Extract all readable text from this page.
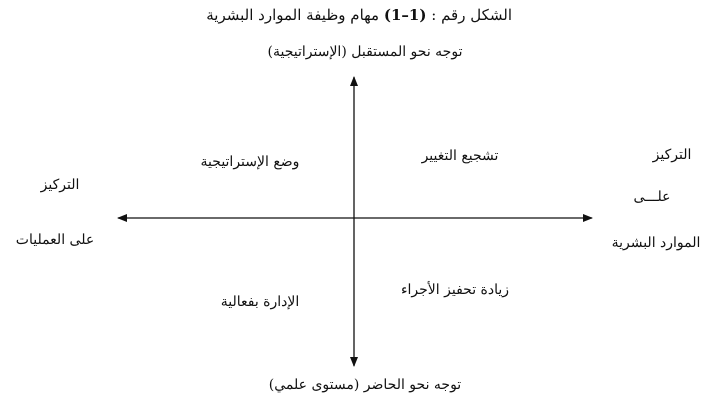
الشكل رقم : (1–1) مهام وظيفة الموارد البشرية
توجه نحو المستقبل (الإستراتيجية)
توجه نحو الحاضر (مستوى علمي)
التركيز
على العمليات
التركيز
علـــى
الموارد البشرية
وضع الإستراتيجية	تشجيع التغيير
الإدارة بفعالية
زيادة تحفيز الأجراء
